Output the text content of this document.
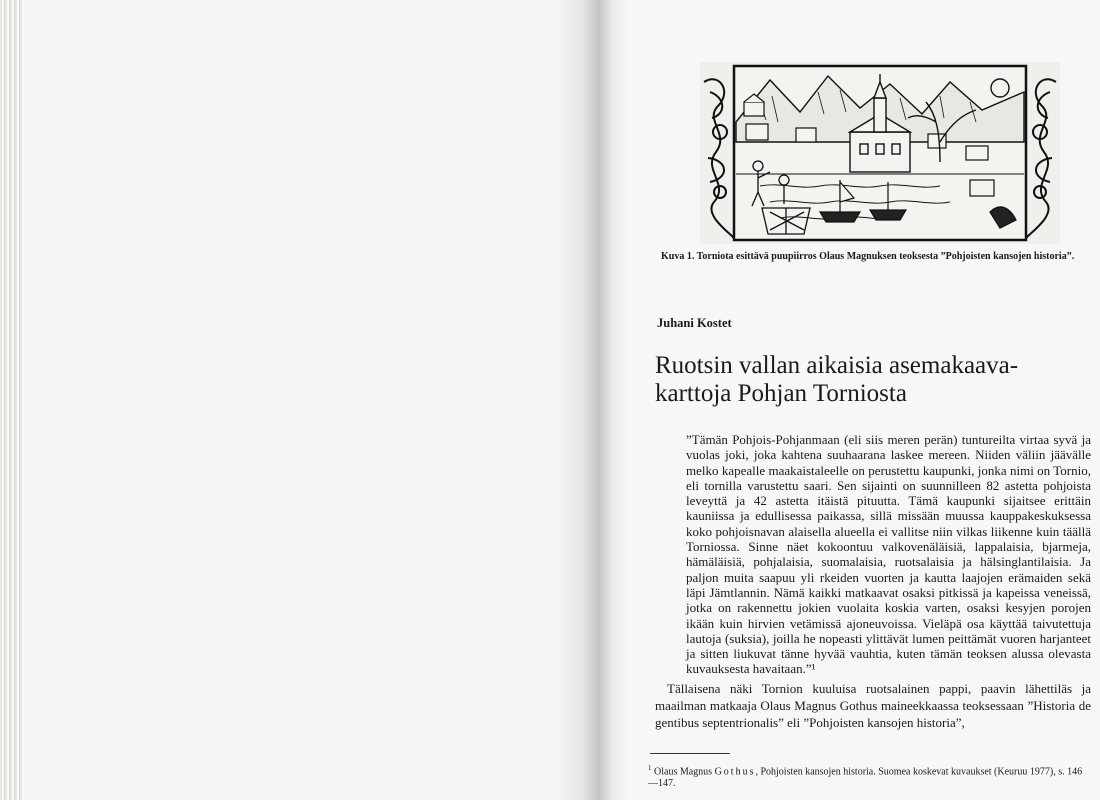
Kuva 1. Torniota esittävä puupiirros Olaus Magnuksen teoksesta ”Pohjoisten kansojen historia”.
Juhani Kostet
Ruotsin vallan aikaisia asemakaava-karttoja Pohjan Torniosta

”Tämän Pohjois-Pohjanmaan (eli siis meren perän) tuntureilta virtaa syvä ja vuolas joki, joka kahtena suuhaarana laskee mereen. Niiden väliin jäävälle melko kapealle maakaistaleelle on perustettu kaupunki, jonka nimi on Tornio, eli tornilla varustettu saari. Sen sijainti on suunnilleen 82 astetta pohjoista leveyttä ja 42 astetta itäistä pituutta. Tämä kaupunki sijaitsee erittäin kauniissa ja edullisessa paikassa, sillä missään muussa kauppakeskuksessa koko pohjoisnavan alaisella alueella ei vallitse niin vilkas liikenne kuin täällä Torniossa. Sinne näet kokoontuu valkovenäläisiä, lappalaisia, bjarmeja, hämäläisiä, pohjalaisia, suomalaisia, ruotsalaisia ja hälsinglantilaisia. Ja paljon muita saapuu yli rkeiden vuorten ja kautta laajojen erämaiden sekä läpi Jämtlannin. Nämä kaikki matkaavat osaksi pitkissä ja kapeissa veneissä, jotka on rakennettu jokien vuolaita koskia varten, osaksi kesyjen porojen ikään kuin hirvien vetämissä ajoneuvoissa. Vieläpä osa käyttää taivutettuja lautoja (suksia), joilla he nopeasti ylittävät lumen peittämät vuoren harjanteet ja sitten liukuvat tänne hyvää vauhtia, kuten tämän teoksen alussa olevasta kuvauksesta havaitaan.”¹

Tällaisena näki Tornion kuuluisa ruotsalainen pappi, paavin lähettiläs ja maailman matkaaja Olaus Magnus Gothus maineekkaassa teoksessaan ”Historia de gentibus septentrionalis” eli ”Pohjoisten kansojen historia”,

$^1$ Olaus Magnus Gothus, Pohjoisten kansojen historia. Suomea koskevat kuvaukset (Keuruu 1977), s. 146—147.
